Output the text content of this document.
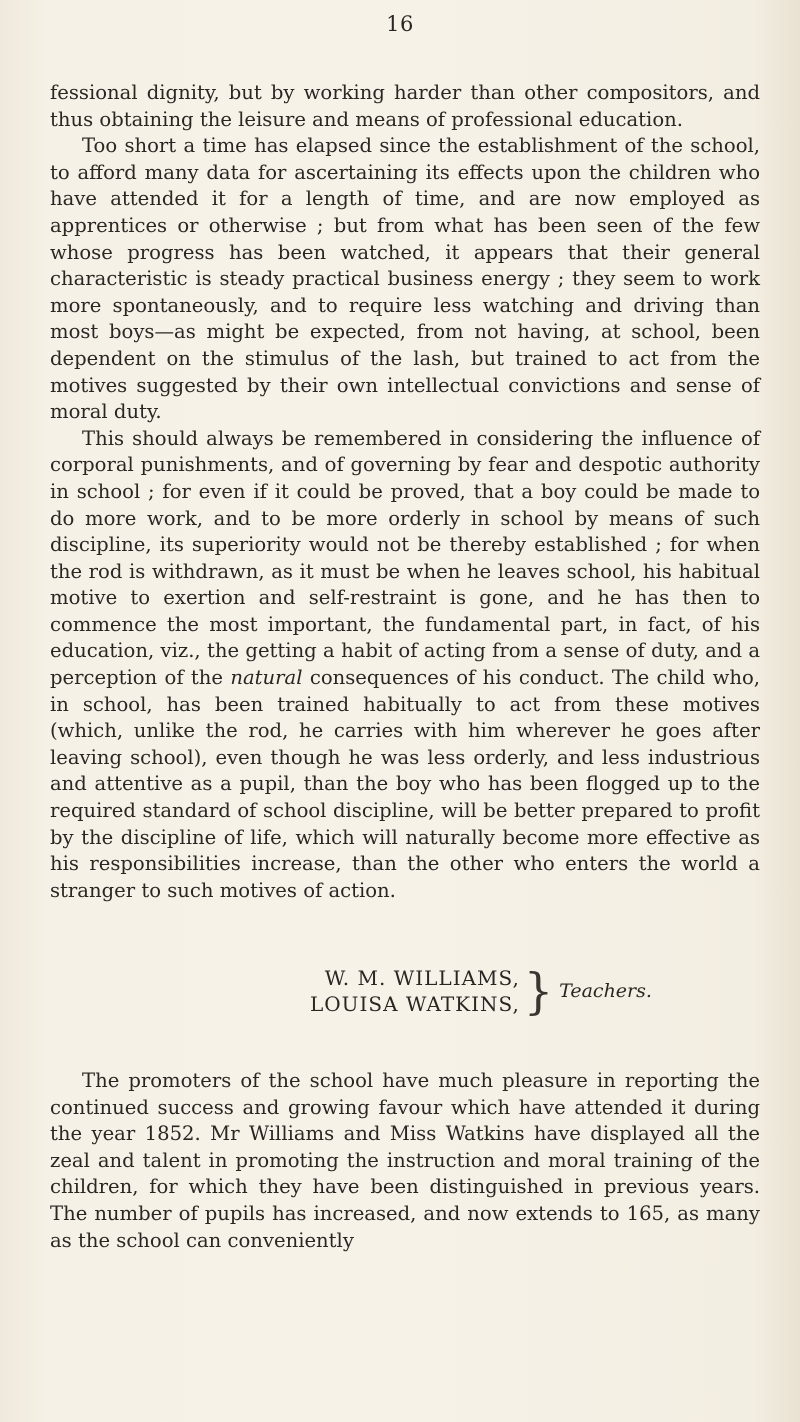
16

fessional dignity, but by working harder than other compositors, and thus obtaining the leisure and means of professional education.

Too short a time has elapsed since the establishment of the school, to afford many data for ascertaining its effects upon the children who have attended it for a length of time, and are now employed as apprentices or otherwise ; but from what has been seen of the few whose progress has been watched, it appears that their general characteristic is steady practical business energy ; they seem to work more spontaneously, and to require less watching and driving than most boys—as might be expected, from not having, at school, been dependent on the stimulus of the lash, but trained to act from the motives suggested by their own intellectual convictions and sense of moral duty.

This should always be remembered in considering the influence of corporal punishments, and of governing by fear and despotic authority in school ; for even if it could be proved, that a boy could be made to do more work, and to be more orderly in school by means of such discipline, its superiority would not be thereby established ; for when the rod is withdrawn, as it must be when he leaves school, his habitual motive to exertion and self-restraint is gone, and he has then to commence the most important, the fundamental part, in fact, of his education, viz., the getting a habit of acting from a sense of duty, and a perception of the natural consequences of his conduct. The child who, in school, has been trained habitually to act from these motives (which, unlike the rod, he carries with him wherever he goes after leaving school), even though he was less orderly, and less industrious and attentive as a pupil, than the boy who has been flogged up to the required standard of school discipline, will be better prepared to profit by the discipline of life, which will naturally become more effective as his responsibilities increase, than the other who enters the world a stranger to such motives of action.

W. M. WILLIAMS,
LOUISA WATKINS, } Teachers.

The promoters of the school have much pleasure in reporting the continued success and growing favour which have attended it during the year 1852. Mr Williams and Miss Watkins have displayed all the zeal and talent in promoting the instruction and moral training of the children, for which they have been distinguished in previous years. The number of pupils has increased, and now extends to 165, as many as the school can conveniently
